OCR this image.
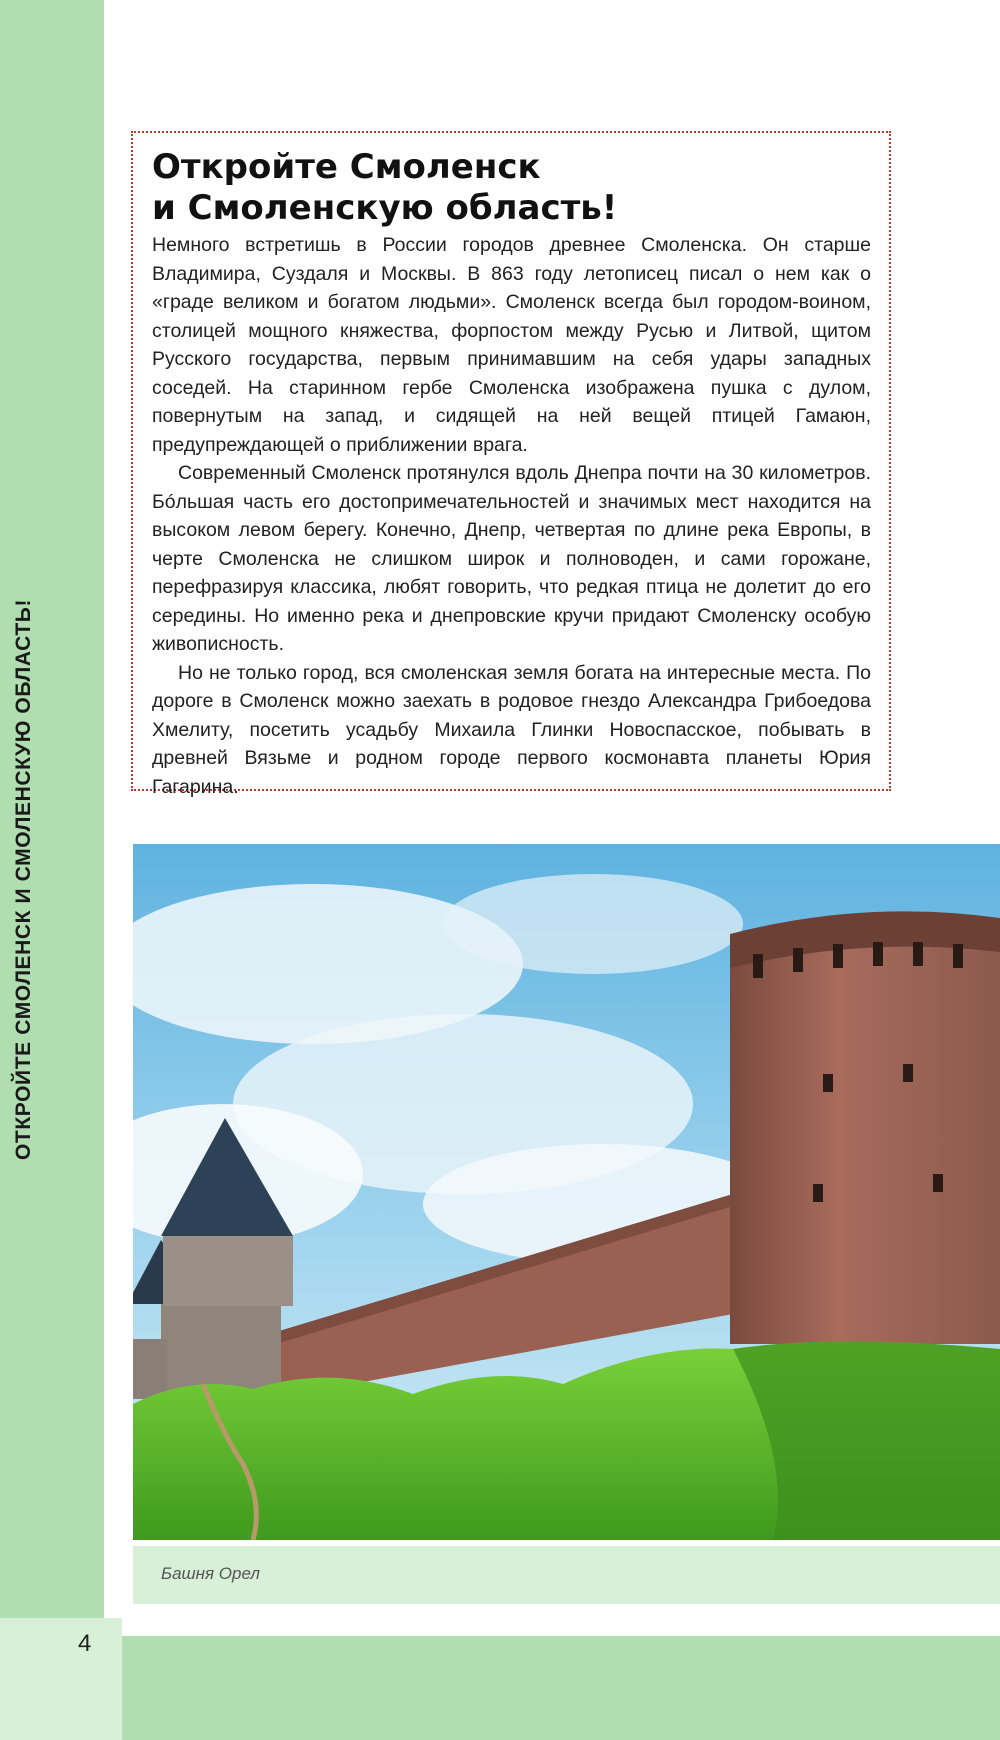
ОТКРОЙТЕ СМОЛЕНСК И СМОЛЕНСКУЮ ОБЛАСТЬ!
Откройте Смоленск
и Смоленскую область!

Немного встретишь в России городов древнее Смоленска. Он старше Владимира, Суздаля и Москвы. В 863 году летописец писал о нем как о «граде великом и богатом людьми». Смоленск всегда был городом-воином, столицей мощного княжества, форпостом между Русью и Литвой, щитом Русского государства, первым принимавшим на себя удары западных соседей. На старинном гербе Смоленска изображена пушка с дулом, повернутым на запад, и сидящей на ней вещей птицей Гамаюн, предупреждающей о приближении врага.

Современный Смоленск протянулся вдоль Днепра почти на 30 километров. Бóльшая часть его достопримечательностей и значимых мест находится на высоком левом берегу. Конечно, Днепр, четвертая по длине река Европы, в черте Смоленска не слишком широк и полноводен, и сами горожане, перефразируя классика, любят говорить, что редкая птица не долетит до его середины. Но именно река и днепровские кручи придают Смоленску особую живописность.

Но не только город, вся смоленская земля богата на интересные места. По дороге в Смоленск можно заехать в родовое гнездо Александра Грибоедова Хмелиту, посетить усадьбу Михаила Глинки Новоспасское, побывать в древней Вязьме и родном городе первого космонавта планеты Юрия Гагарина.

Башня Орел
4
